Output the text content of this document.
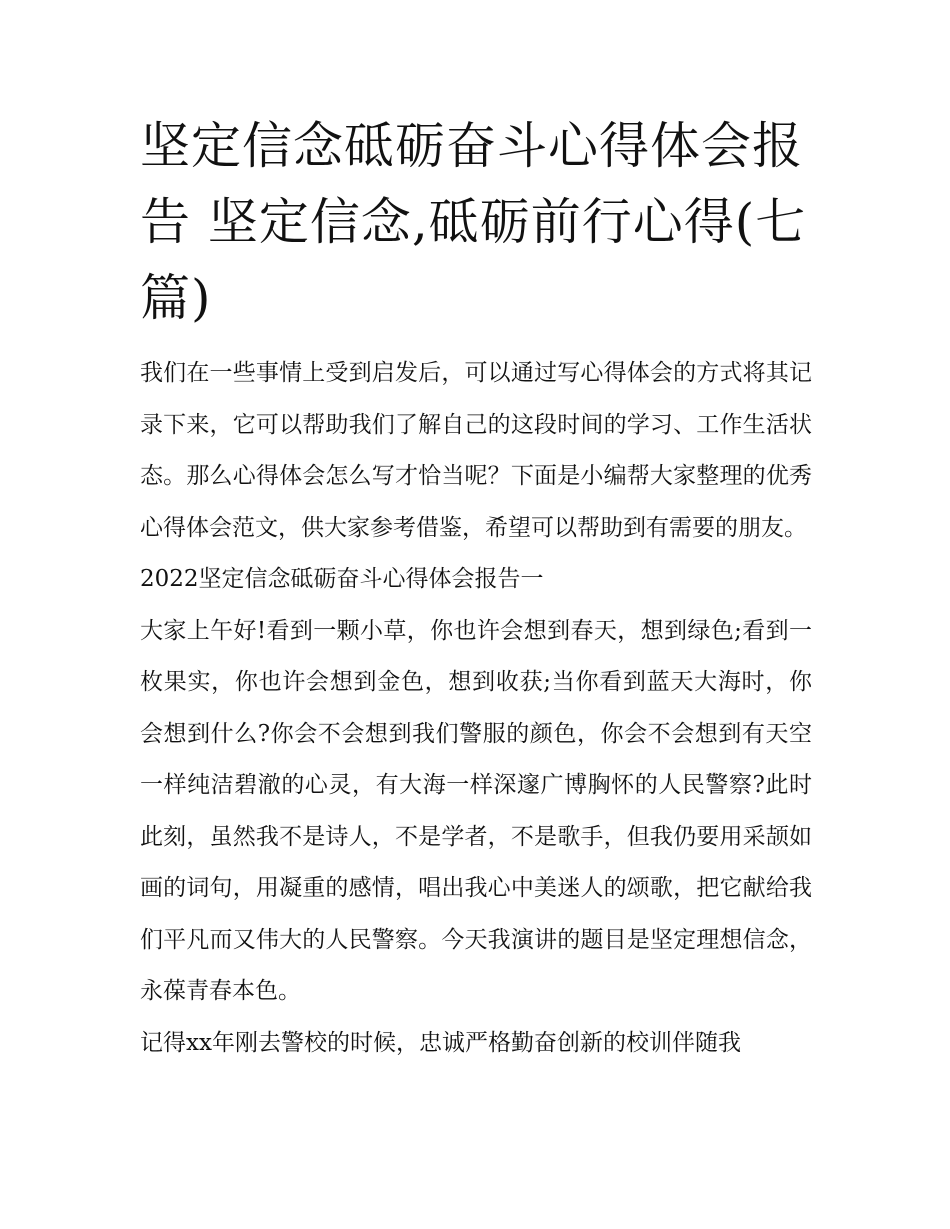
坚定信念砥砺奋斗心得体会报告 坚定信念,砥砺前行心得(七篇)

我们在一些事情上受到启发后，可以通过写心得体会的方式将其记录下来，它可以帮助我们了解自己的这段时间的学习、工作生活状态。那么心得体会怎么写才恰当呢？下面是小编帮大家整理的优秀心得体会范文，供大家参考借鉴，希望可以帮助到有需要的朋友。

2022坚定信念砥砺奋斗心得体会报告一

大家上午好!看到一颗小草，你也许会想到春天，想到绿色;看到一枚果实，你也许会想到金色，想到收获;当你看到蓝天大海时，你会想到什么?你会不会想到我们警服的颜色，你会不会想到有天空一样纯洁碧澈的心灵，有大海一样深邃广博胸怀的人民警察?此时此刻，虽然我不是诗人，不是学者，不是歌手，但我仍要用采颉如画的词句，用凝重的感情，唱出我心中美迷人的颂歌，把它献给我们平凡而又伟大的人民警察。今天我演讲的题目是坚定理想信念，永葆青春本色。

记得xx年刚去警校的时候，忠诚严格勤奋创新的校训伴随我
